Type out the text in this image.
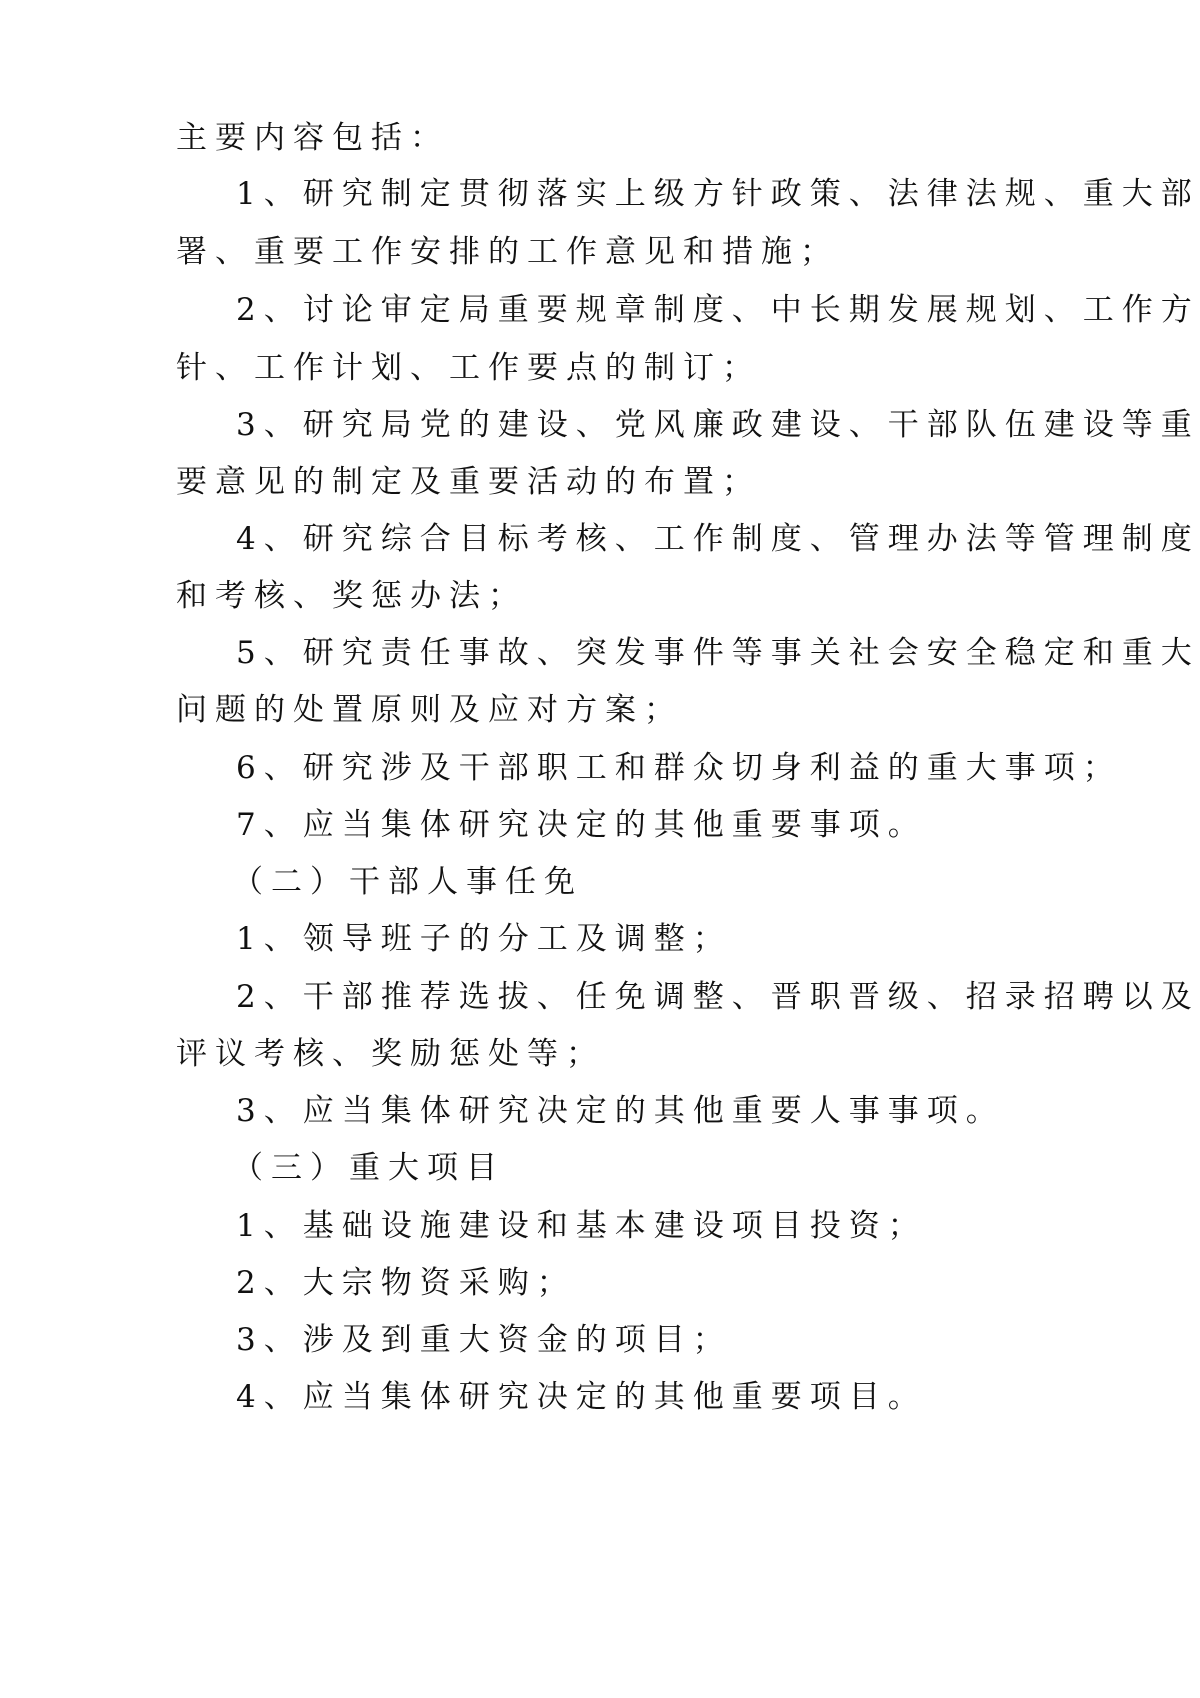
主要内容包括：
1、研究制定贯彻落实上级方针政策、法律法规、重大部
署、重要工作安排的工作意见和措施；
2、讨论审定局重要规章制度、中长期发展规划、工作方
针、工作计划、工作要点的制订；
3、研究局党的建设、党风廉政建设、干部队伍建设等重
要意见的制定及重要活动的布置；
4、研究综合目标考核、工作制度、管理办法等管理制度
和考核、奖惩办法；
5、研究责任事故、突发事件等事关社会安全稳定和重大
问题的处置原则及应对方案；
6、研究涉及干部职工和群众切身利益的重大事项；
7、应当集体研究决定的其他重要事项。
（二）干部人事任免
1、领导班子的分工及调整；
2、干部推荐选拔、任免调整、晋职晋级、招录招聘以及
评议考核、奖励惩处等；
3、应当集体研究决定的其他重要人事事项。
（三）重大项目
1、基础设施建设和基本建设项目投资；
2、大宗物资采购；
3、涉及到重大资金的项目；
4、应当集体研究决定的其他重要项目。
